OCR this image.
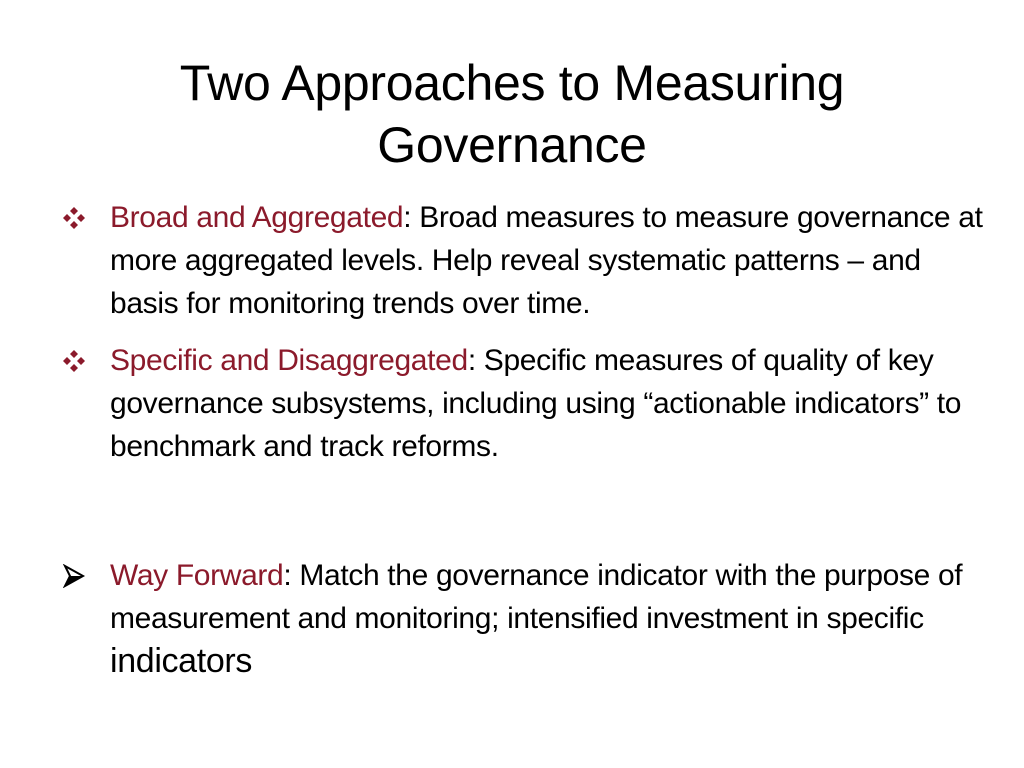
Two Approaches to Measuring
Governance
Broad and Aggregated: Broad measures to measure governance at more aggregated levels. Help reveal systematic patterns – and basis for monitoring trends over time.
Specific and Disaggregated: Specific measures of quality of key governance subsystems, including using “actionable indicators” to benchmark and track reforms.
Way Forward: Match the governance indicator with the purpose of measurement and monitoring; intensified investment in specific indicators
